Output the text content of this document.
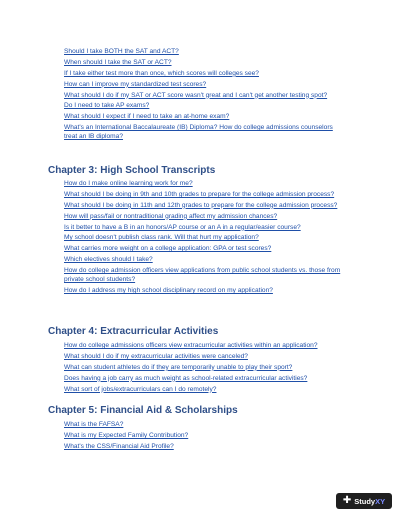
Should I take BOTH the SAT and ACT?
When should I take the SAT or ACT?
If I take either test more than once, which scores will colleges see?
How can I improve my standardized test scores?
What should I do if my SAT or ACT score wasn't great and I can't get another testing spot?
Do I need to take AP exams?
What should I expect if I need to take an at-home exam?
What's an International Baccalaureate (IB) Diploma? How do college admissions counselors treat an IB diploma?
Chapter 3: High School Transcripts
How do I make online learning work for me?
What should I be doing in 9th and 10th grades to prepare for the college admission process?
What should I be doing in 11th and 12th grades to prepare for the college admission process?
How will pass/fail or nontraditional grading affect my admission chances?
Is it better to have a B in an honors/AP course or an A in a regular/easier course?
My school doesn't publish class rank. Will that hurt my application?
What carries more weight on a college application: GPA or test scores?
Which electives should I take?
How do college admission officers view applications from public school students vs. those from private school students?
How do I address my high school disciplinary record on my application?
Chapter 4: Extracurricular Activities
How do college admissions officers view extracurricular activities within an application?
What should I do if my extracurricular activities were canceled?
What can student athletes do if they are temporarily unable to play their sport?
Does having a job carry as much weight as school-related extracurricular activities?
What sort of jobs/extracurriculars can I do remotely?
Chapter 5: Financial Aid & Scholarships
What is the FAFSA?
What is my Expected Family Contribution?
What's the CSS/Financial Aid Profile?
✚ StudyXY
